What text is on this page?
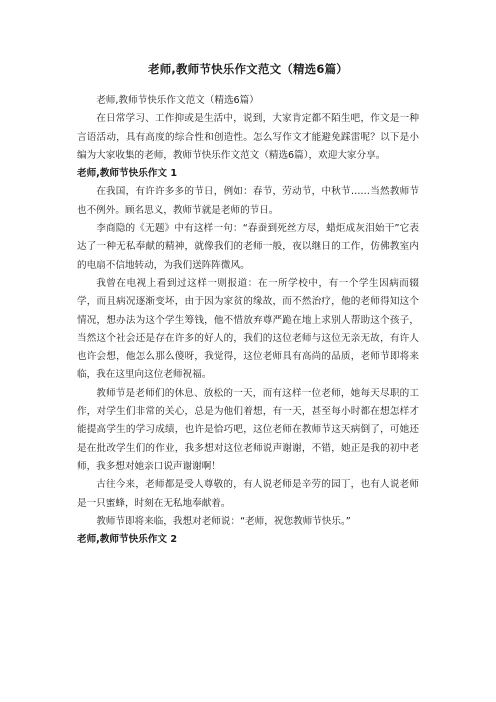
老师,教师节快乐作文范文（精选6篇）

老师,教师节快乐作文范文（精选6篇）

在日常学习、工作抑或是生活中，说到，大家肯定都不陌生吧，作文是一种言语活动，具有高度的综合性和创造性。怎么写作文才能避免踩雷呢？以下是小编为大家收集的老师，教师节快乐作文范文（精选6篇），欢迎大家分享。

老师,教师节快乐作文 1

在我国，有许许多多的节日，例如：春节，劳动节，中秋节……当然教师节也不例外。顾名思义，教师节就是老师的节日。

李商隐的《无题》中有这样一句：“春蚕到死丝方尽，蜡炬成灰泪始干”它表达了一种无私奉献的精神，就像我们的老师一般，夜以继日的工作，仿佛教室内的电扇不信地转动，为我们送阵阵微风。

我曾在电视上看到过这样一则报道：在一所学校中，有一个学生因病而辍学，而且病况逐渐变坏，由于因为家贫的缘故，而不然治疗，他的老师得知这个情况，想办法为这个学生筹钱，他不惜放弃尊严跪在地上求别人帮助这个孩子，当然这个社会还是存在许多的好人的，我们的这位老师与这位无亲无故，有许人也许会想，他怎么那么傻呀，我觉得，这位老师具有高尚的品质，老师节即将来临，我在这里向这位老师祝福。

教师节是老师们的休息、放松的一天，而有这样一位老师，她每天尽职的工作，对学生们非常的关心，总是为他们着想，有一天，甚至每小时都在想怎样才能提高学生的学习成绩，也许是恰巧吧，这位老师在教师节这天病倒了，可她还是在批改学生们的作业，我多想对这位老师说声谢谢，不错，她正是我的初中老师，我多想对她亲口说声谢谢啊！

古往今来，老师都是受人尊敬的，有人说老师是辛劳的园丁，也有人说老师是一只蜜蜂，时刻在无私地奉献着。

教师节即将来临，我想对老师说：“老师，祝您教师节快乐。”

老师,教师节快乐作文 2
